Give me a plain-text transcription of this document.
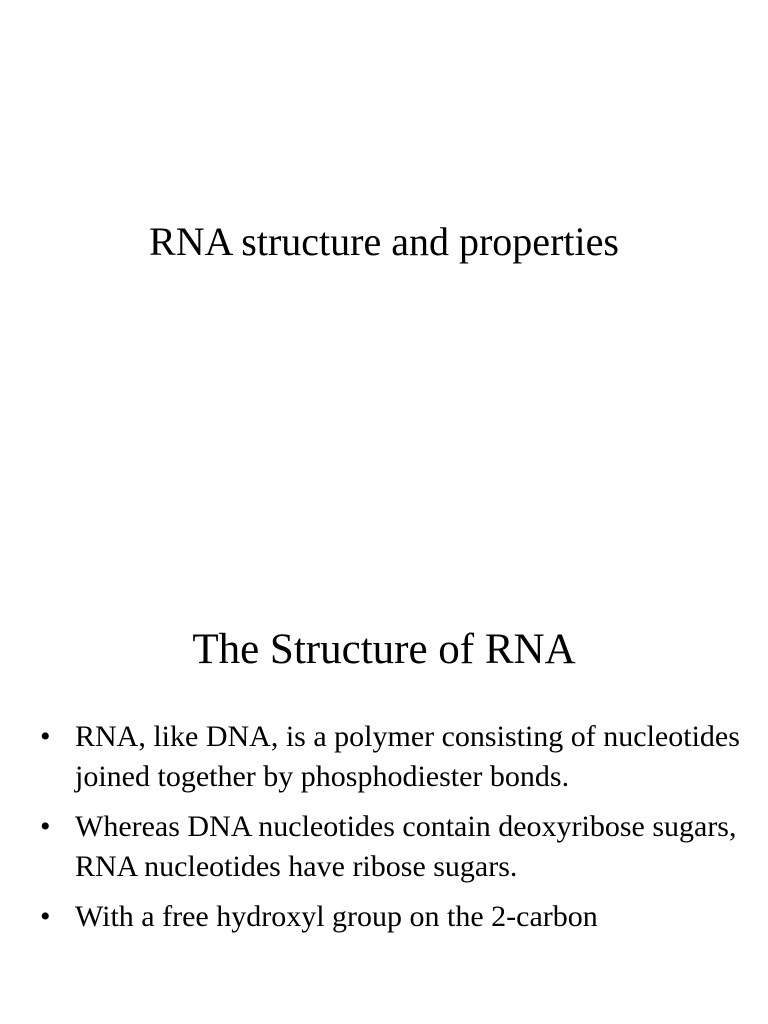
RNA structure and properties
The Structure of RNA
• RNA, like DNA, is a polymer consisting of nucleotides joined together by phosphodiester bonds.
• Whereas DNA nucleotides contain deoxyribose sugars, RNA nucleotides have ribose sugars.
• With a free hydroxyl group on the 2-carbon
